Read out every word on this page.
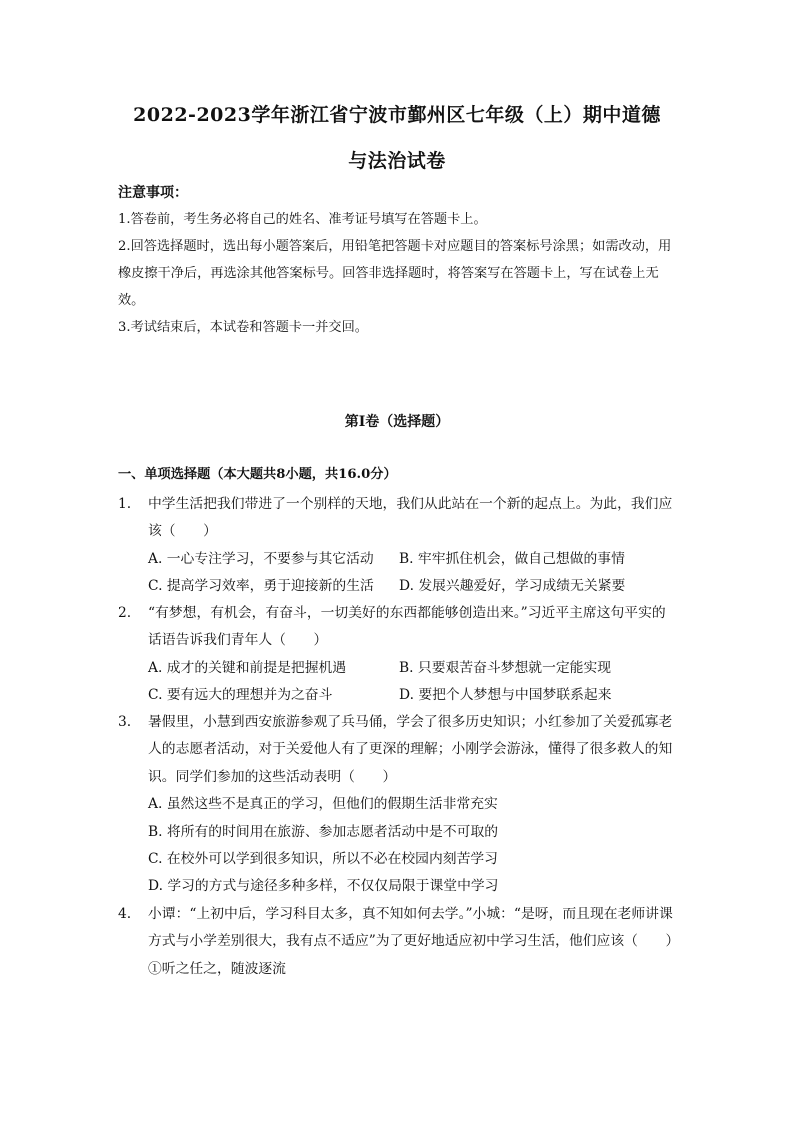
2022-2023学年浙江省宁波市鄞州区七年级（上）期中道德
与法治试卷
注意事项：
1.答卷前，考生务必将自己的姓名、准考证号填写在答题卡上。
2.回答选择题时，选出每小题答案后，用铅笔把答题卡对应题目的答案标号涂黑；如需改动，用橡皮擦干净后，再选涂其他答案标号。回答非选择题时，将答案写在答题卡上，写在试卷上无效。
3.考试结束后，本试卷和答题卡一并交回。
第I卷（选择题）
一、单项选择题（本大题共8小题，共16.0分）
1.	中学生活把我们带进了一个别样的天地，我们从此站在一个新的起点上。为此，我们应该（　　）
A. 一心专注学习，不要参与其它活动	B. 牢牢抓住机会，做自己想做的事情
C. 提高学习效率，勇于迎接新的生活	D. 发展兴趣爱好，学习成绩无关紧要
2.	“有梦想，有机会，有奋斗，一切美好的东西都能够创造出来。”习近平主席这句平实的话语告诉我们青年人（　　）
A. 成才的关键和前提是把握机遇	B. 只要艰苦奋斗梦想就一定能实现
C. 要有远大的理想并为之奋斗	D. 要把个人梦想与中国梦联系起来
3.	暑假里，小慧到西安旅游参观了兵马俑，学会了很多历史知识；小红参加了关爱孤寡老人的志愿者活动，对于关爱他人有了更深的理解；小刚学会游泳，懂得了很多救人的知识。同学们参加的这些活动表明（　　）
A. 虽然这些不是真正的学习，但他们的假期生活非常充实
B. 将所有的时间用在旅游、参加志愿者活动中是不可取的
C. 在校外可以学到很多知识，所以不必在校园内刻苦学习
D. 学习的方式与途径多种多样，不仅仅局限于课堂中学习
4.	小谭：“上初中后，学习科目太多，真不知如何去学。”小城：“是呀，而且现在老师讲课方式与小学差别很大，我有点不适应”为了更好地适应初中学习生活，他们应该（　　）
①听之任之，随波逐流
